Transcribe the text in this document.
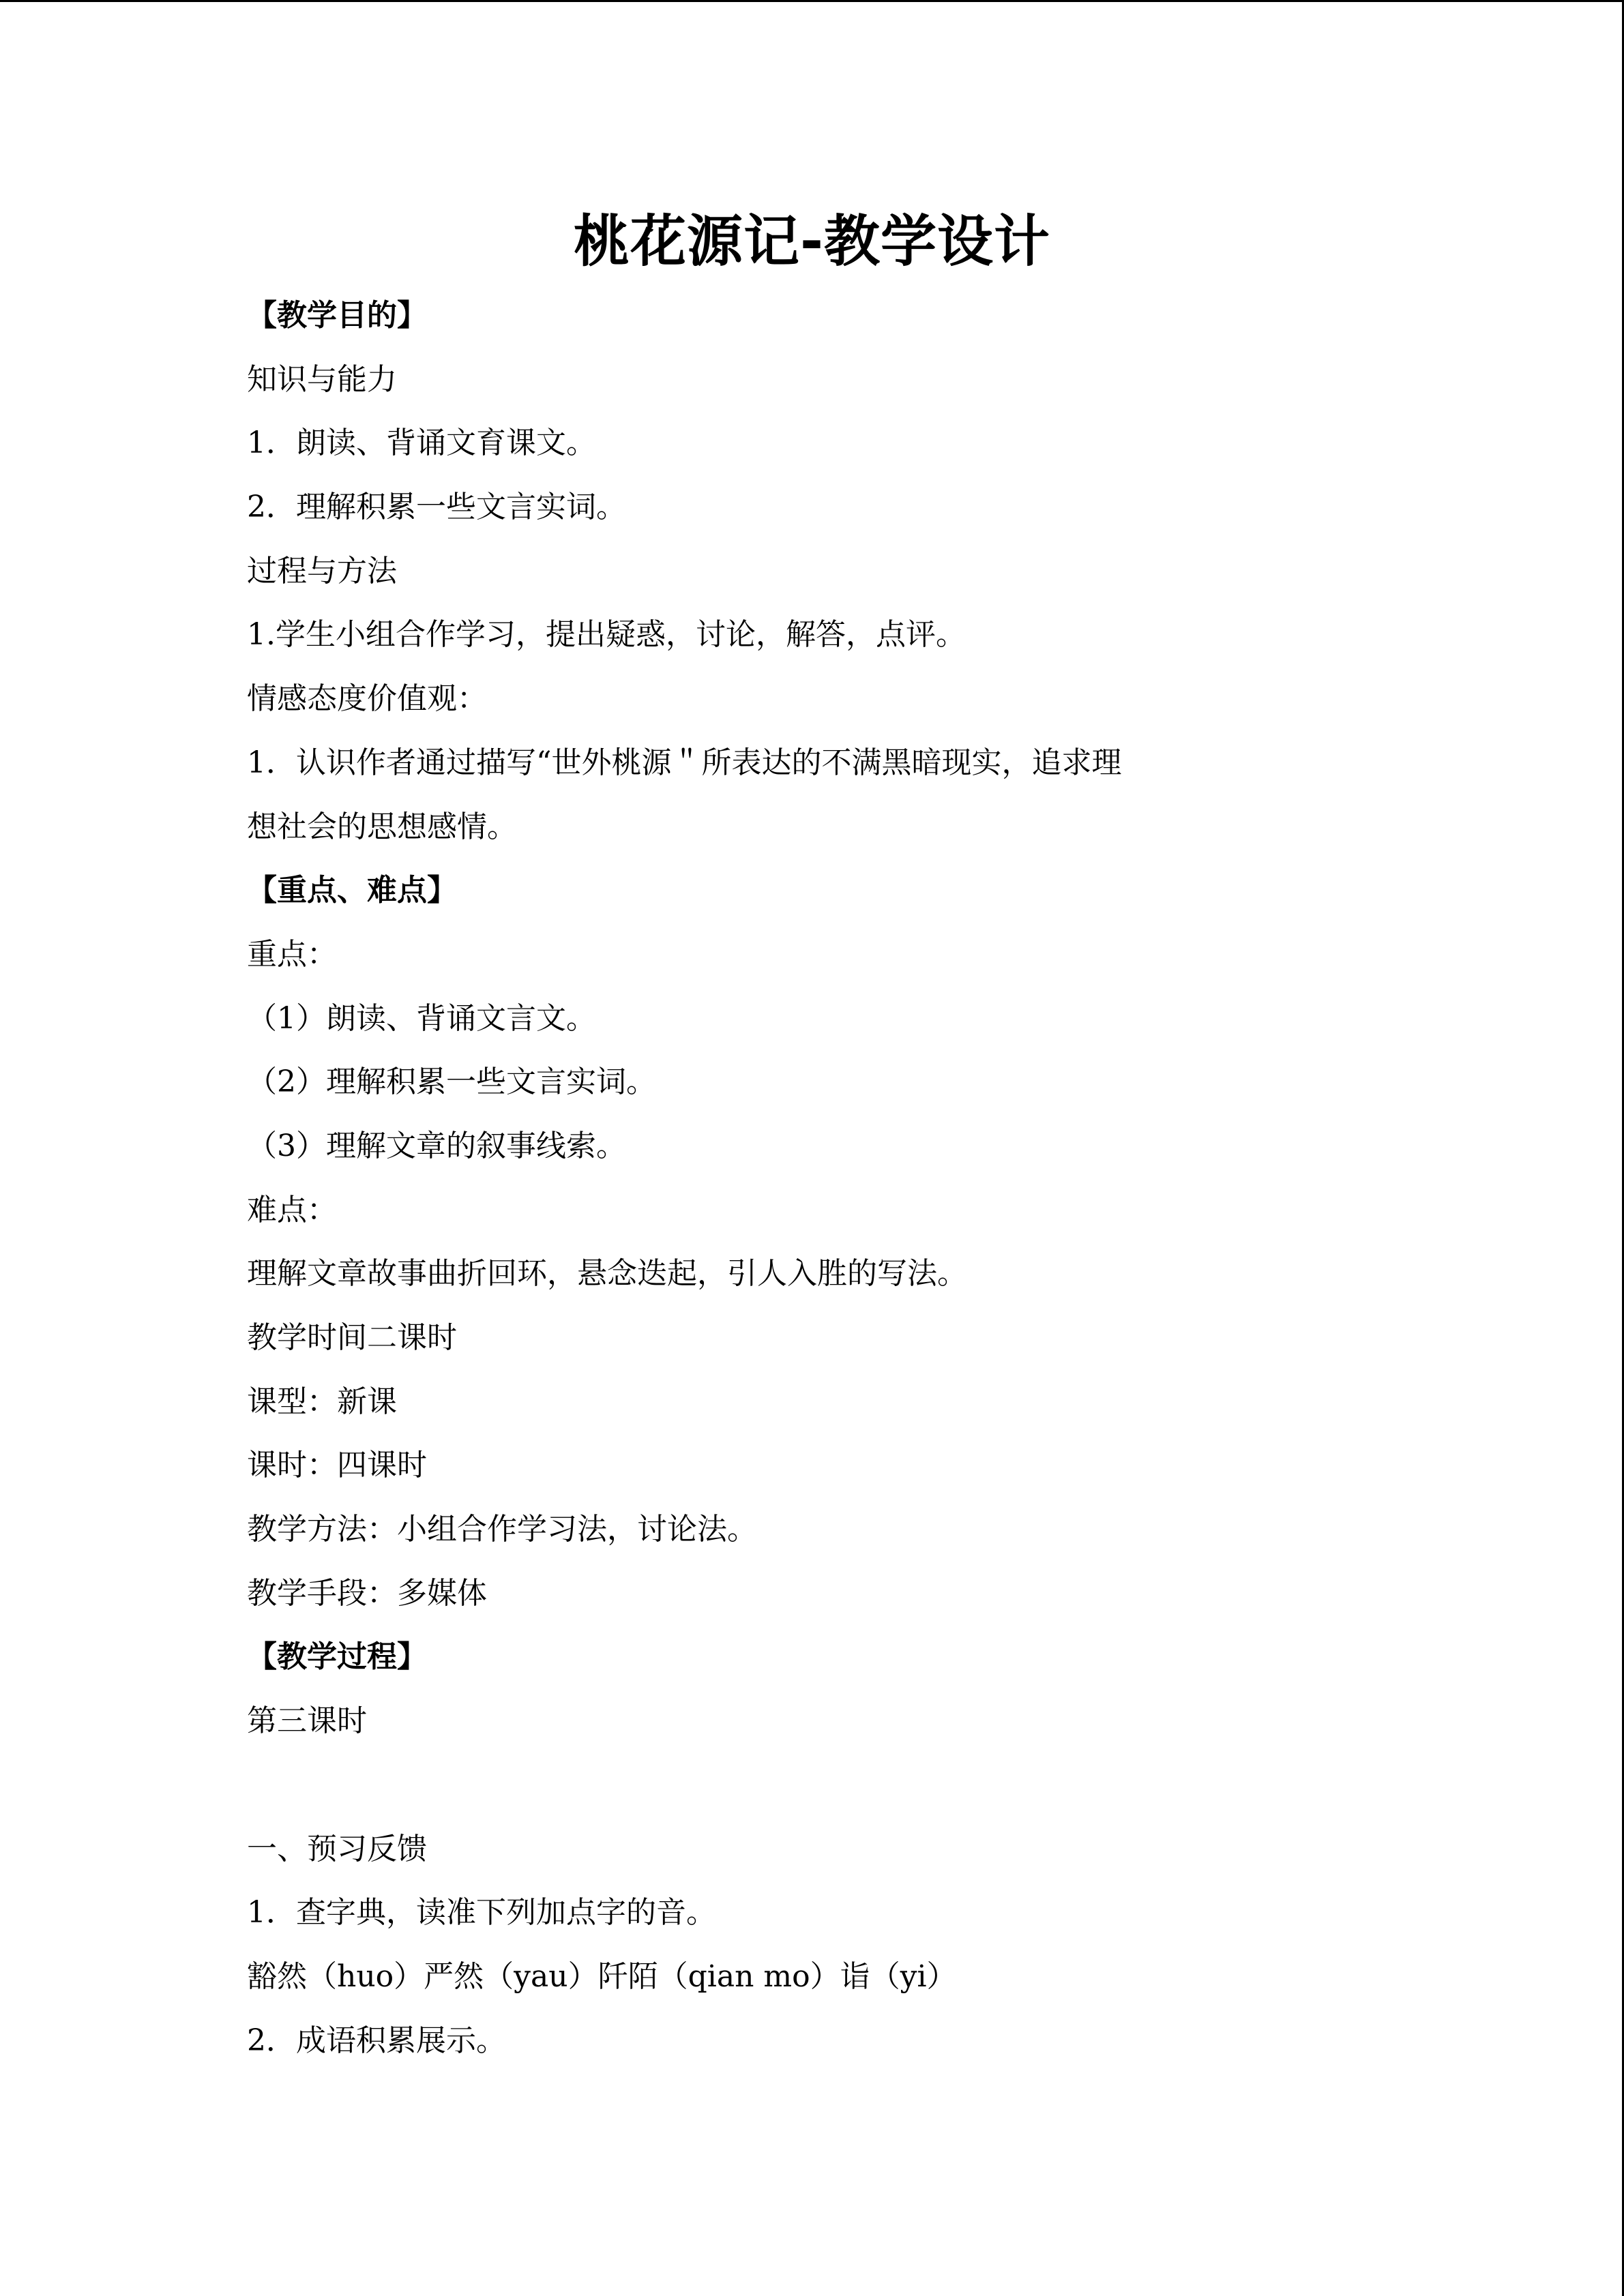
桃花源记-教学设计
【教学目的】
知识与能力
1．朗读、背诵文育课文。
2．理解积累一些文言实词。
过程与方法
1.学生小组合作学习，提出疑惑，讨论，解答，点评。
情感态度价值观：
1．认识作者通过描写“世外桃源＂所表达的不满黑暗现实，追求理
想社会的思想感情。
【重点、难点】
重点：
（1）朗读、背诵文言文。
（2）理解积累一些文言实词。
（3）理解文章的叙事线索。
难点：
理解文章故事曲折回环，悬念迭起，引人入胜的写法。
教学时间二课时
课型：新课
课时：四课时
教学方法：小组合作学习法，讨论法。
教学手段：多媒体
【教学过程】
第三课时
一、预习反馈
1．查字典，读准下列加点字的音。
豁然（huo）严然（yau）阡陌（qian mo）诣（yi）
2．成语积累展示。
